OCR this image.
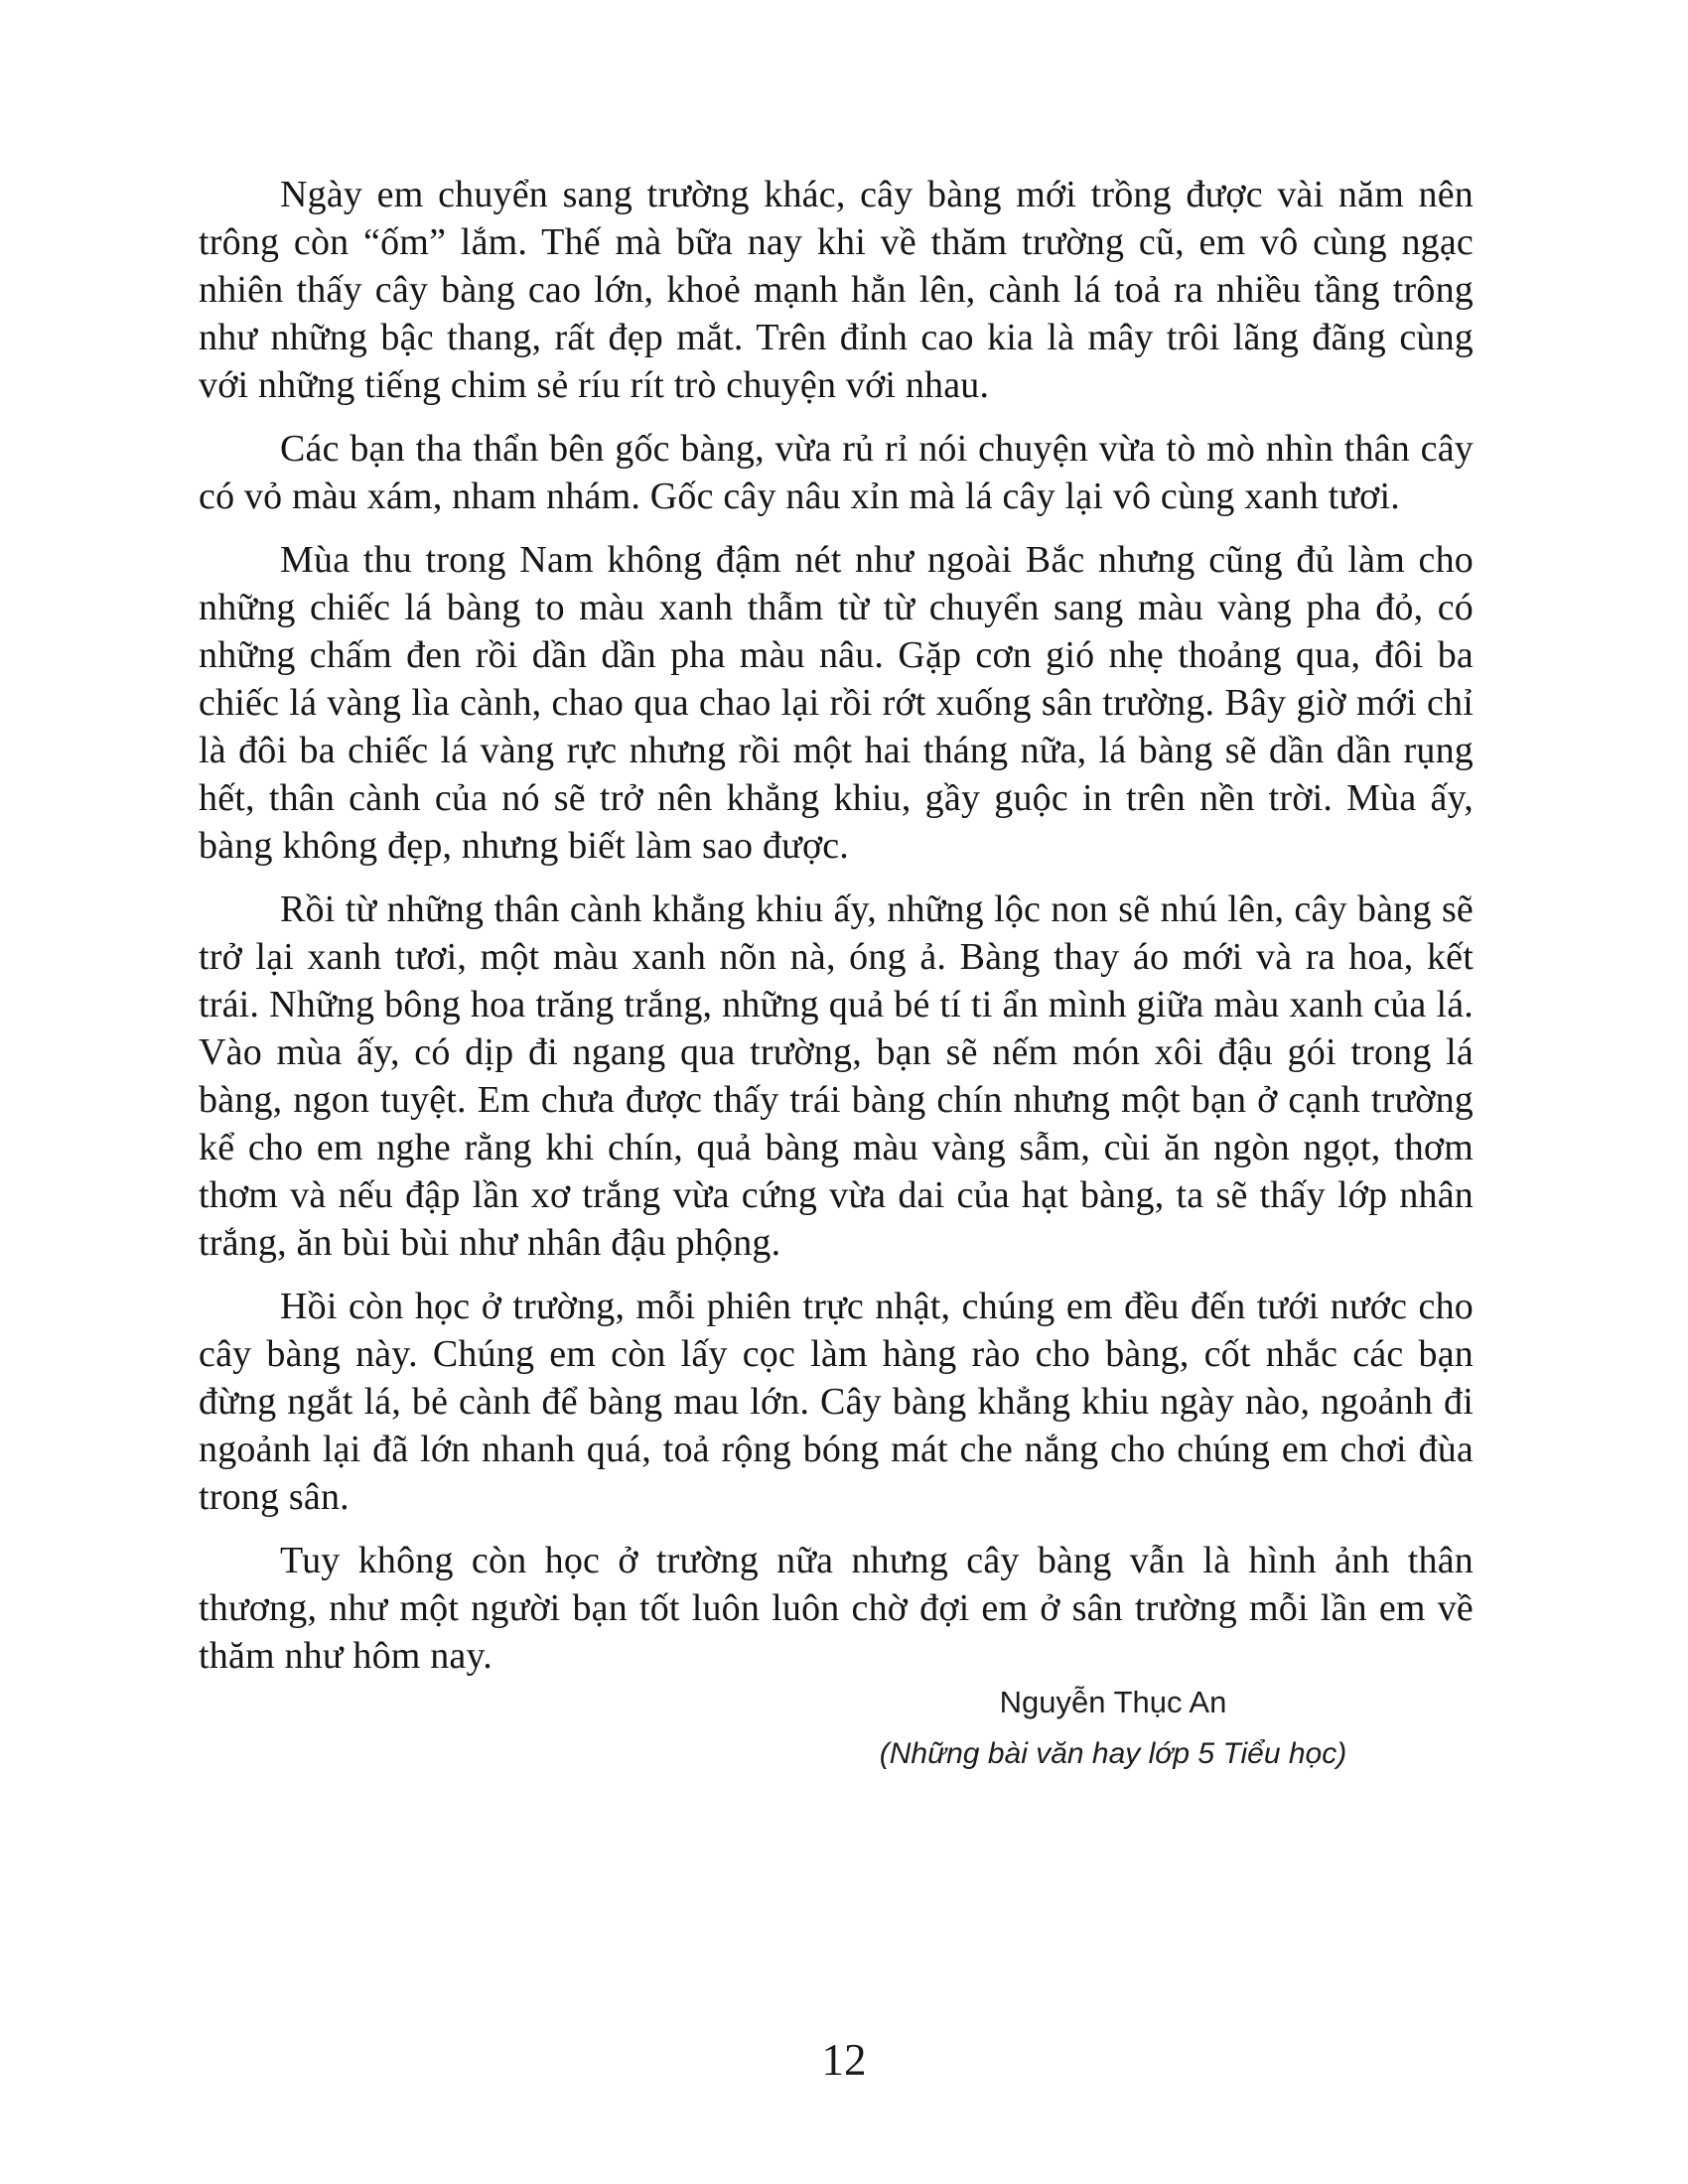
Ngày em chuyển sang trường khác, cây bàng mới trồng được vài năm nên trông còn “ốm” lắm. Thế mà bữa nay khi về thăm trường cũ, em vô cùng ngạc nhiên thấy cây bàng cao lớn, khoẻ mạnh hẳn lên, cành lá toả ra nhiều tầng trông như những bậc thang, rất đẹp mắt. Trên đỉnh cao kia là mây trôi lãng đãng cùng với những tiếng chim sẻ ríu rít trò chuyện với nhau.

Các bạn tha thẩn bên gốc bàng, vừa rủ rỉ nói chuyện vừa tò mò nhìn thân cây có vỏ màu xám, nham nhám. Gốc cây nâu xỉn mà lá cây lại vô cùng xanh tươi.

Mùa thu trong Nam không đậm nét như ngoài Bắc nhưng cũng đủ làm cho những chiếc lá bàng to màu xanh thẫm từ từ chuyển sang màu vàng pha đỏ, có những chấm đen rồi dần dần pha màu nâu. Gặp cơn gió nhẹ thoảng qua, đôi ba chiếc lá vàng lìa cành, chao qua chao lại rồi rớt xuống sân trường. Bây giờ mới chỉ là đôi ba chiếc lá vàng rực nhưng rồi một hai tháng nữa, lá bàng sẽ dần dần rụng hết, thân cành của nó sẽ trở nên khẳng khiu, gầy guộc in trên nền trời. Mùa ấy, bàng không đẹp, nhưng biết làm sao được.

Rồi từ những thân cành khẳng khiu ấy, những lộc non sẽ nhú lên, cây bàng sẽ trở lại xanh tươi, một màu xanh nõn nà, óng ả. Bàng thay áo mới và ra hoa, kết trái. Những bông hoa trăng trắng, những quả bé tí ti ẩn mình giữa màu xanh của lá. Vào mùa ấy, có dịp đi ngang qua trường, bạn sẽ nếm món xôi đậu gói trong lá bàng, ngon tuyệt. Em chưa được thấy trái bàng chín nhưng một bạn ở cạnh trường kể cho em nghe rằng khi chín, quả bàng màu vàng sẫm, cùi ăn ngòn ngọt, thơm thơm và nếu đập lần xơ trắng vừa cứng vừa dai của hạt bàng, ta sẽ thấy lớp nhân trắng, ăn bùi bùi như nhân đậu phộng.

Hồi còn học ở trường, mỗi phiên trực nhật, chúng em đều đến tưới nước cho cây bàng này. Chúng em còn lấy cọc làm hàng rào cho bàng, cốt nhắc các bạn đừng ngắt lá, bẻ cành để bàng mau lớn. Cây bàng khẳng khiu ngày nào, ngoảnh đi ngoảnh lại đã lớn nhanh quá, toả rộng bóng mát che nắng cho chúng em chơi đùa trong sân.

Tuy không còn học ở trường nữa nhưng cây bàng vẫn là hình ảnh thân thương, như một người bạn tốt luôn luôn chờ đợi em ở sân trường mỗi lần em về thăm như hôm nay.

Nguyễn Thục An
(Những bài văn hay lớp 5 Tiểu học)
12
